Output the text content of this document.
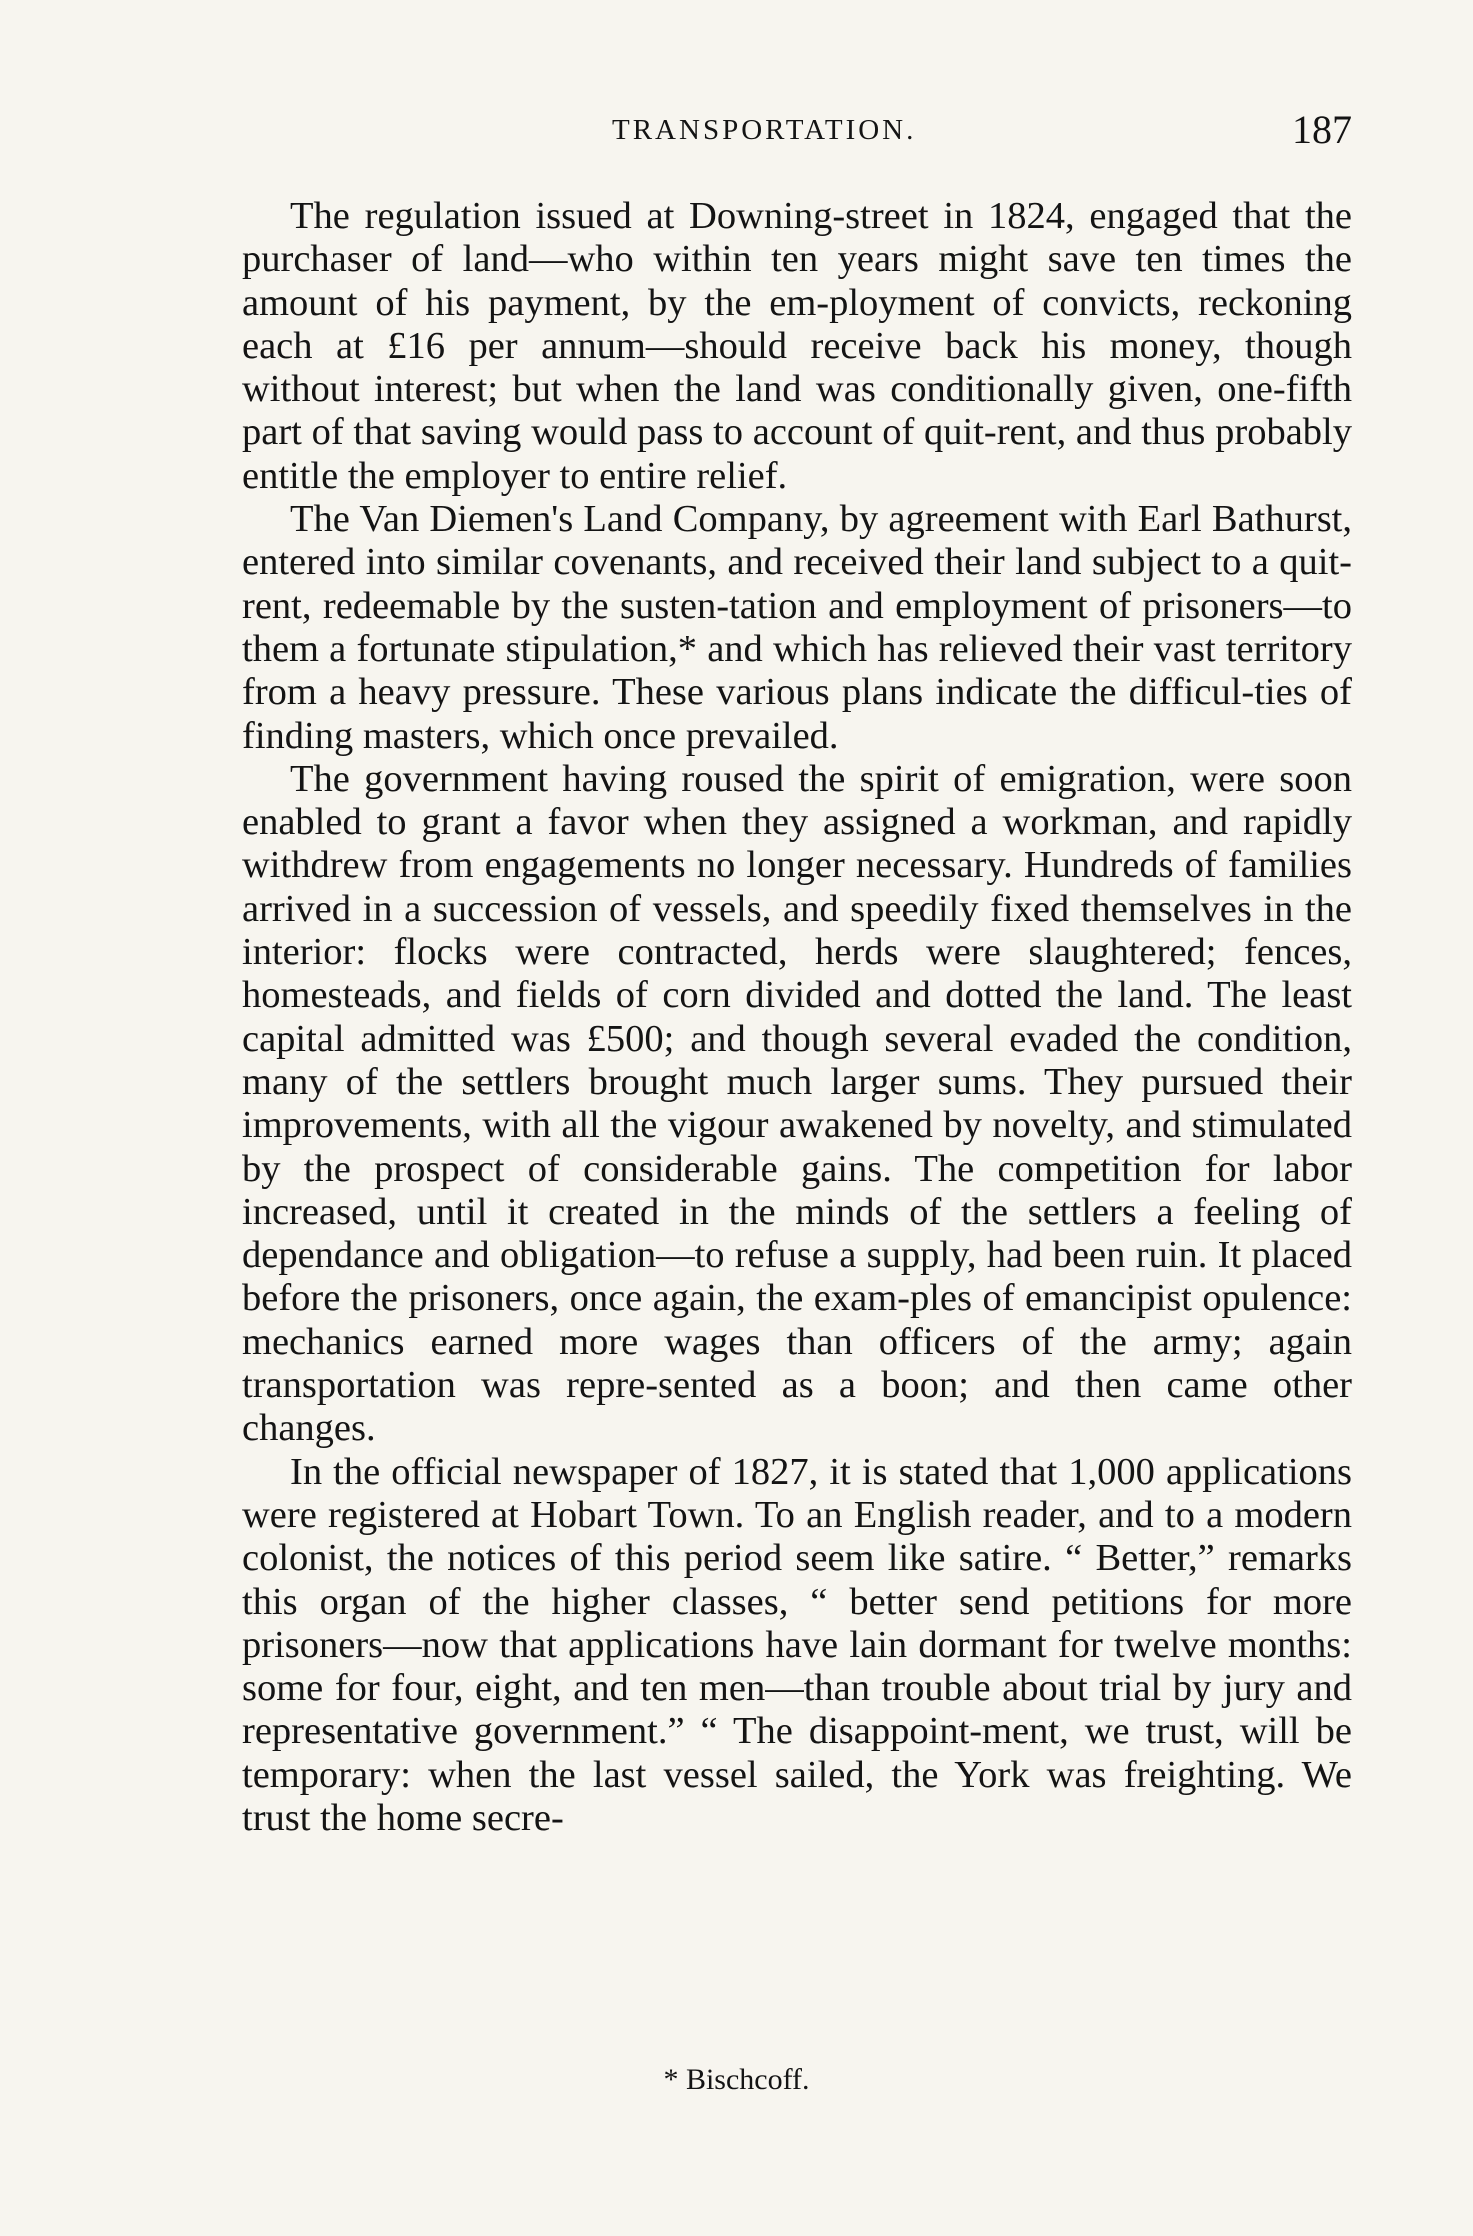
TRANSPORTATION.	187

The regulation issued at Downing-street in 1824, engaged that the purchaser of land—who within ten years might save ten times the amount of his payment, by the em-ployment of convicts, reckoning each at £16 per annum—should receive back his money, though without interest; but when the land was conditionally given, one-fifth part of that saving would pass to account of quit-rent, and thus probably entitle the employer to entire relief.

The Van Diemen's Land Company, by agreement with Earl Bathurst, entered into similar covenants, and received their land subject to a quit-rent, redeemable by the susten-tation and employment of prisoners—to them a fortunate stipulation,* and which has relieved their vast territory from a heavy pressure. These various plans indicate the difficul-ties of finding masters, which once prevailed.

The government having roused the spirit of emigration, were soon enabled to grant a favor when they assigned a workman, and rapidly withdrew from engagements no longer necessary. Hundreds of families arrived in a succession of vessels, and speedily fixed themselves in the interior: flocks were contracted, herds were slaughtered; fences, homesteads, and fields of corn divided and dotted the land. The least capital admitted was £500; and though several evaded the condition, many of the settlers brought much larger sums. They pursued their improvements, with all the vigour awakened by novelty, and stimulated by the prospect of considerable gains. The competition for labor increased, until it created in the minds of the settlers a feeling of dependance and obligation—to refuse a supply, had been ruin. It placed before the prisoners, once again, the exam-ples of emancipist opulence: mechanics earned more wages than officers of the army; again transportation was repre-sented as a boon; and then came other changes.

In the official newspaper of 1827, it is stated that 1,000 applications were registered at Hobart Town. To an English reader, and to a modern colonist, the notices of this period seem like satire. “ Better,” remarks this organ of the higher classes, “ better send petitions for more prisoners—now that applications have lain dormant for twelve months: some for four, eight, and ten men—than trouble about trial by jury and representative government.” “ The disappoint-ment, we trust, will be temporary: when the last vessel sailed, the York was freighting. We trust the home secre-

* Bischcoff.
